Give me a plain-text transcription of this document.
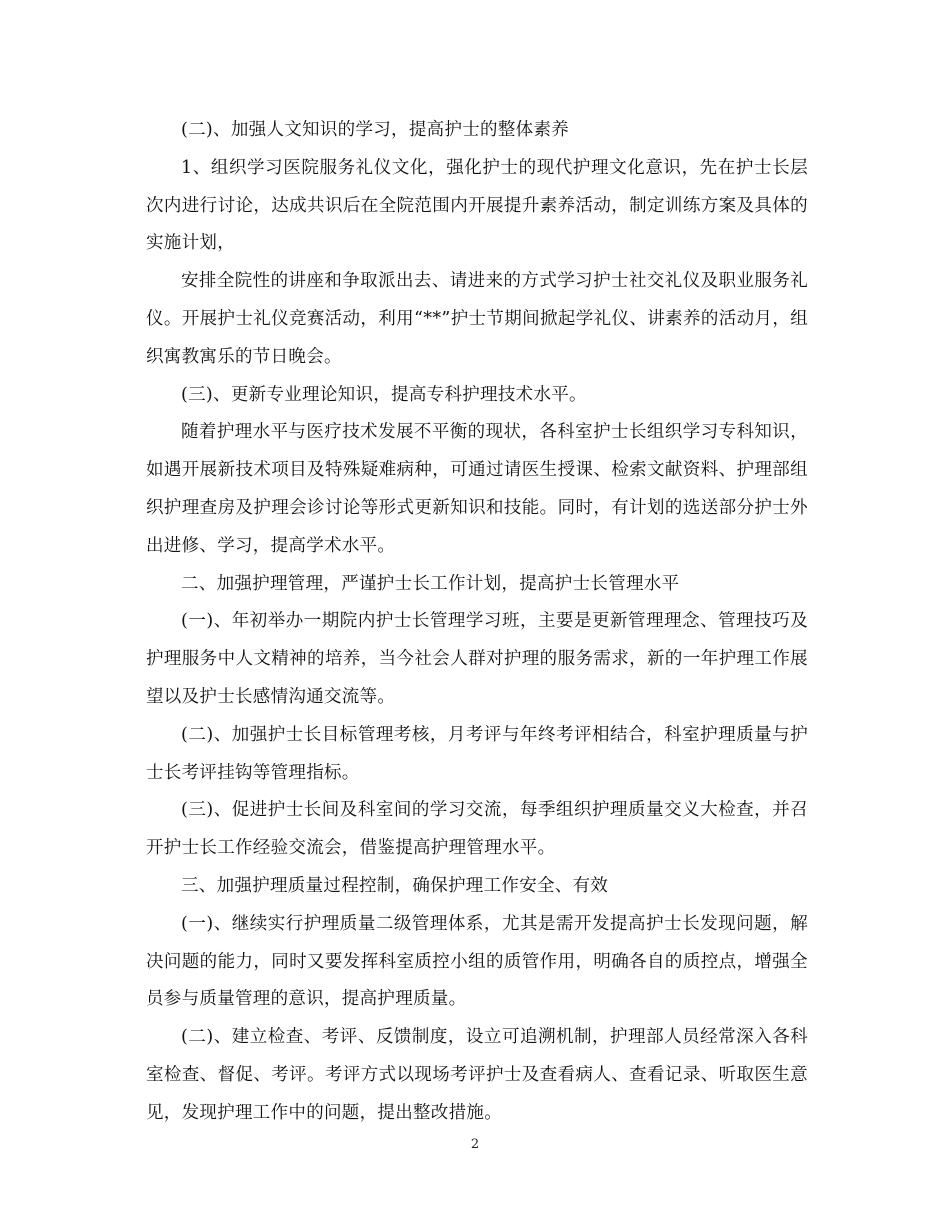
(二)、加强人文知识的学习，提高护士的整体素养

1、组织学习医院服务礼仪文化，强化护士的现代护理文化意识，先在护士长层次内进行讨论，达成共识后在全院范围内开展提升素养活动，制定训练方案及具体的实施计划，

安排全院性的讲座和争取派出去、请进来的方式学习护士社交礼仪及职业服务礼仪。开展护士礼仪竞赛活动，利用“**”护士节期间掀起学礼仪、讲素养的活动月，组织寓教寓乐的节日晚会。

(三)、更新专业理论知识，提高专科护理技术水平。

随着护理水平与医疗技术发展不平衡的现状，各科室护士长组织学习专科知识，如遇开展新技术项目及特殊疑难病种，可通过请医生授课、检索文献资料、护理部组织护理查房及护理会诊讨论等形式更新知识和技能。同时，有计划的选送部分护士外出进修、学习，提高学术水平。

二、加强护理管理，严谨护士长工作计划，提高护士长管理水平

(一)、年初举办一期院内护士长管理学习班，主要是更新管理理念、管理技巧及护理服务中人文精神的培养，当今社会人群对护理的服务需求，新的一年护理工作展望以及护士长感情沟通交流等。

(二)、加强护士长目标管理考核，月考评与年终考评相结合，科室护理质量与护士长考评挂钩等管理指标。

(三)、促进护士长间及科室间的学习交流，每季组织护理质量交义大检查，并召开护士长工作经验交流会，借鉴提高护理管理水平。

三、加强护理质量过程控制，确保护理工作安全、有效

(一)、继续实行护理质量二级管理体系，尤其是需开发提高护士长发现问题，解决问题的能力，同时又要发挥科室质控小组的质管作用，明确各自的质控点，增强全员参与质量管理的意识，提高护理质量。

(二)、建立检查、考评、反馈制度，设立可追溯机制，护理部人员经常深入各科室检查、督促、考评。考评方式以现场考评护士及查看病人、查看记录、听取医生意见，发现护理工作中的问题，提出整改措施。

2
